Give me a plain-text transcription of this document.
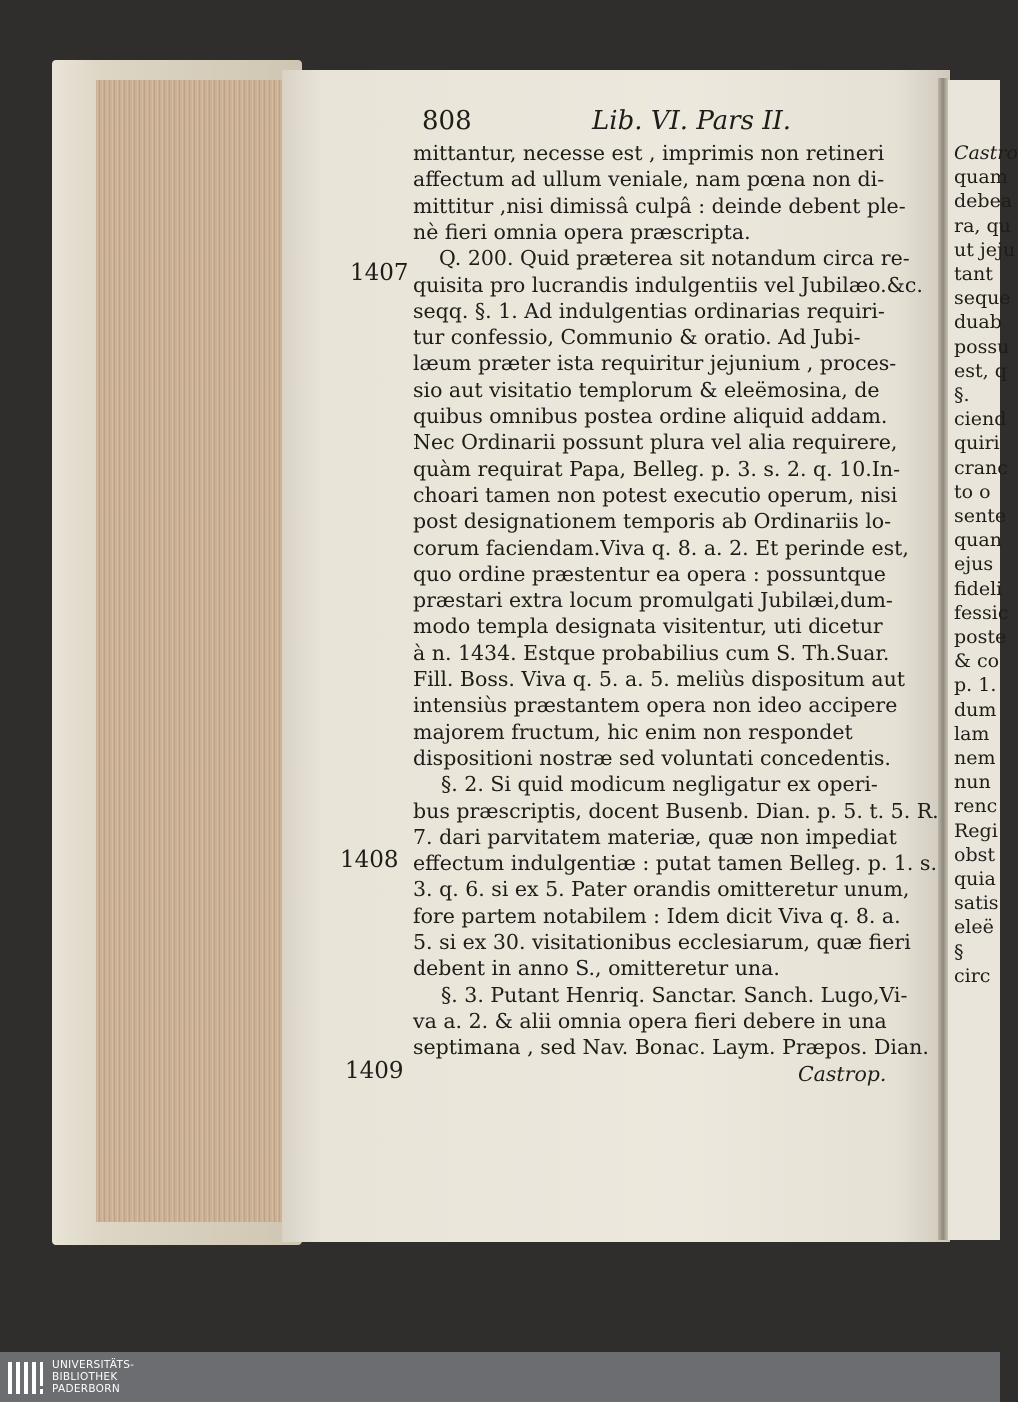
Castro
quam
debea
ra, qu
ut jeju
tant
seque
duab
possu
est, q
§.
ciend
quiri
cranc
to o
sente
quan
ejus
fideli
fessic
poste
& co
p. 1.
dum
lam
nem
nun
renc
Regi
obst
quia
satis
eleë
§
circ
808	Lib. VI. Pars II.
1407
1408
1409
mittantur, necesse est , imprimis non retineri
affectum ad ullum veniale, nam pœna non di-
mittitur ,nisi dimissâ culpâ : deinde debent ple-
nè fieri omnia opera præscripta.
Q. 200. Quid præterea sit notandum circa re-
quisita pro lucrandis indulgentiis vel Jubilæo.&c.
seqq. §. 1. Ad indulgentias ordinarias requiri-
tur confessio, Communio & oratio. Ad Jubi-
læum præter ista requiritur jejunium , proces-
sio aut visitatio templorum & eleëmosina, de
quibus omnibus postea ordine aliquid addam.
Nec Ordinarii possunt plura vel alia requirere,
quàm requirat Papa, Belleg. p. 3. s. 2. q. 10.In-
choari tamen non potest executio operum, nisi
post designationem temporis ab Ordinariis lo-
corum faciendam.Viva q. 8. a. 2. Et perinde est,
quo ordine præstentur ea opera : possuntque
præstari extra locum promulgati Jubilæi,dum-
modo templa designata visitentur, uti dicetur
à n. 1434. Estque probabilius cum S. Th.Suar.
Fill. Boss. Viva q. 5. a. 5. meliùs dispositum aut
intensiùs præstantem opera non ideo accipere
majorem fructum, hic enim non respondet
dispositioni nostræ sed voluntati concedentis.
§. 2. Si quid modicum negligatur ex operi-
bus præscriptis, docent Busenb. Dian. p. 5. t. 5. R.
7. dari parvitatem materiæ, quæ non impediat
effectum indulgentiæ : putat tamen Belleg. p. 1. s.
3. q. 6. si ex 5. Pater orandis omitteretur unum,
fore partem notabilem : Idem dicit Viva q. 8. a.
5. si ex 30. visitationibus ecclesiarum, quæ fieri
debent in anno S., omitteretur una.
§. 3. Putant Henriq. Sanctar. Sanch. Lugo,Vi-
va a. 2. & alii omnia opera fieri debere in una
septimana , sed Nav. Bonac. Laym. Præpos. Dian.
Castrop.
UNIVERSITÄTS-
BIBLIOTHEK
PADERBORN
